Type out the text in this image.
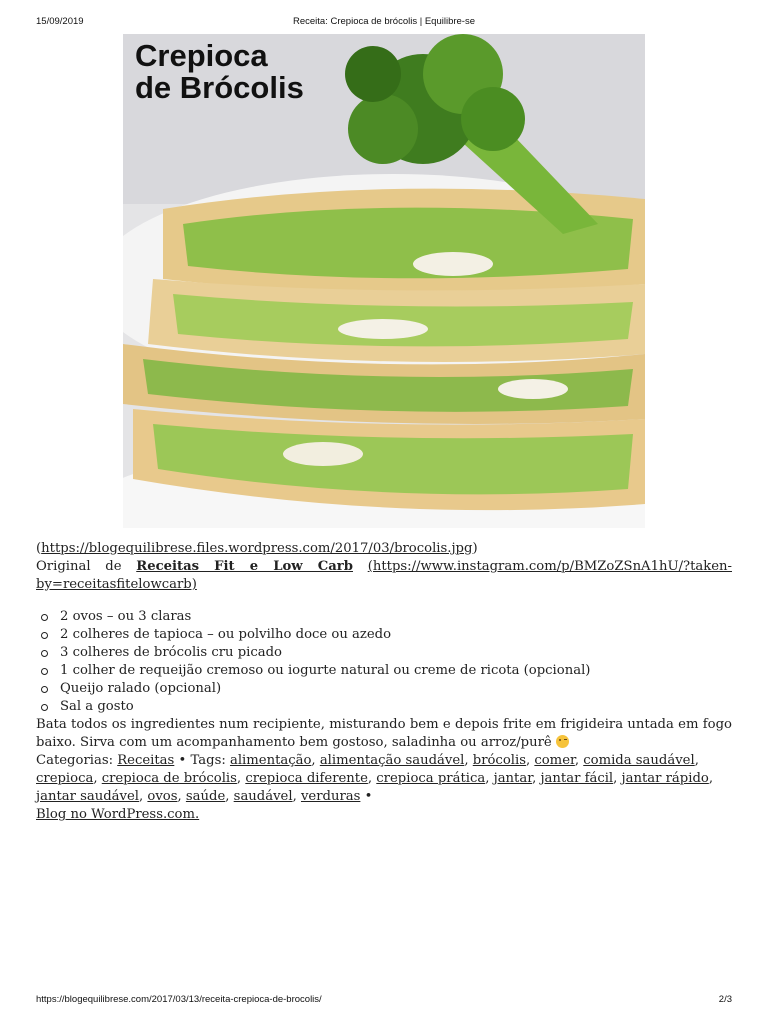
15/09/2019	Receita: Crepioca de brócolis | Equilibre-se
Crepioca
de Brócolis

(https://blogequilibrese.files.wordpress.com/2017/03/brocolis.jpg)

Original de Receitas Fit e Low Carb (https://www.instagram.com/p/BMZoZSnA1hU/?taken-by=receitasfitelowcarb)

2 ovos – ou 3 claras
2 colheres de tapioca – ou polvilho doce ou azedo
3 colheres de brócolis cru picado
1 colher de requeijão cremoso ou iogurte natural ou creme de ricota (opcional)
Queijo ralado (opcional)
Sal a gosto

Bata todos os ingredientes num recipiente, misturando bem e depois frite em frigideira untada em fogo baixo. Sirva com um acompanhamento bem gostoso, saladinha ou arroz/purê

Categorias: Receitas • Tags: alimentação, alimentação saudável, brócolis, comer, comida saudável, crepioca, crepioca de brócolis, crepioca diferente, crepioca prática, jantar, jantar fácil, jantar rápido, jantar saudável, ovos, saúde, saudável, verduras •

Blog no WordPress.com.

https://blogequilibrese.com/2017/03/13/receita-crepioca-de-brocolis/	2/3
